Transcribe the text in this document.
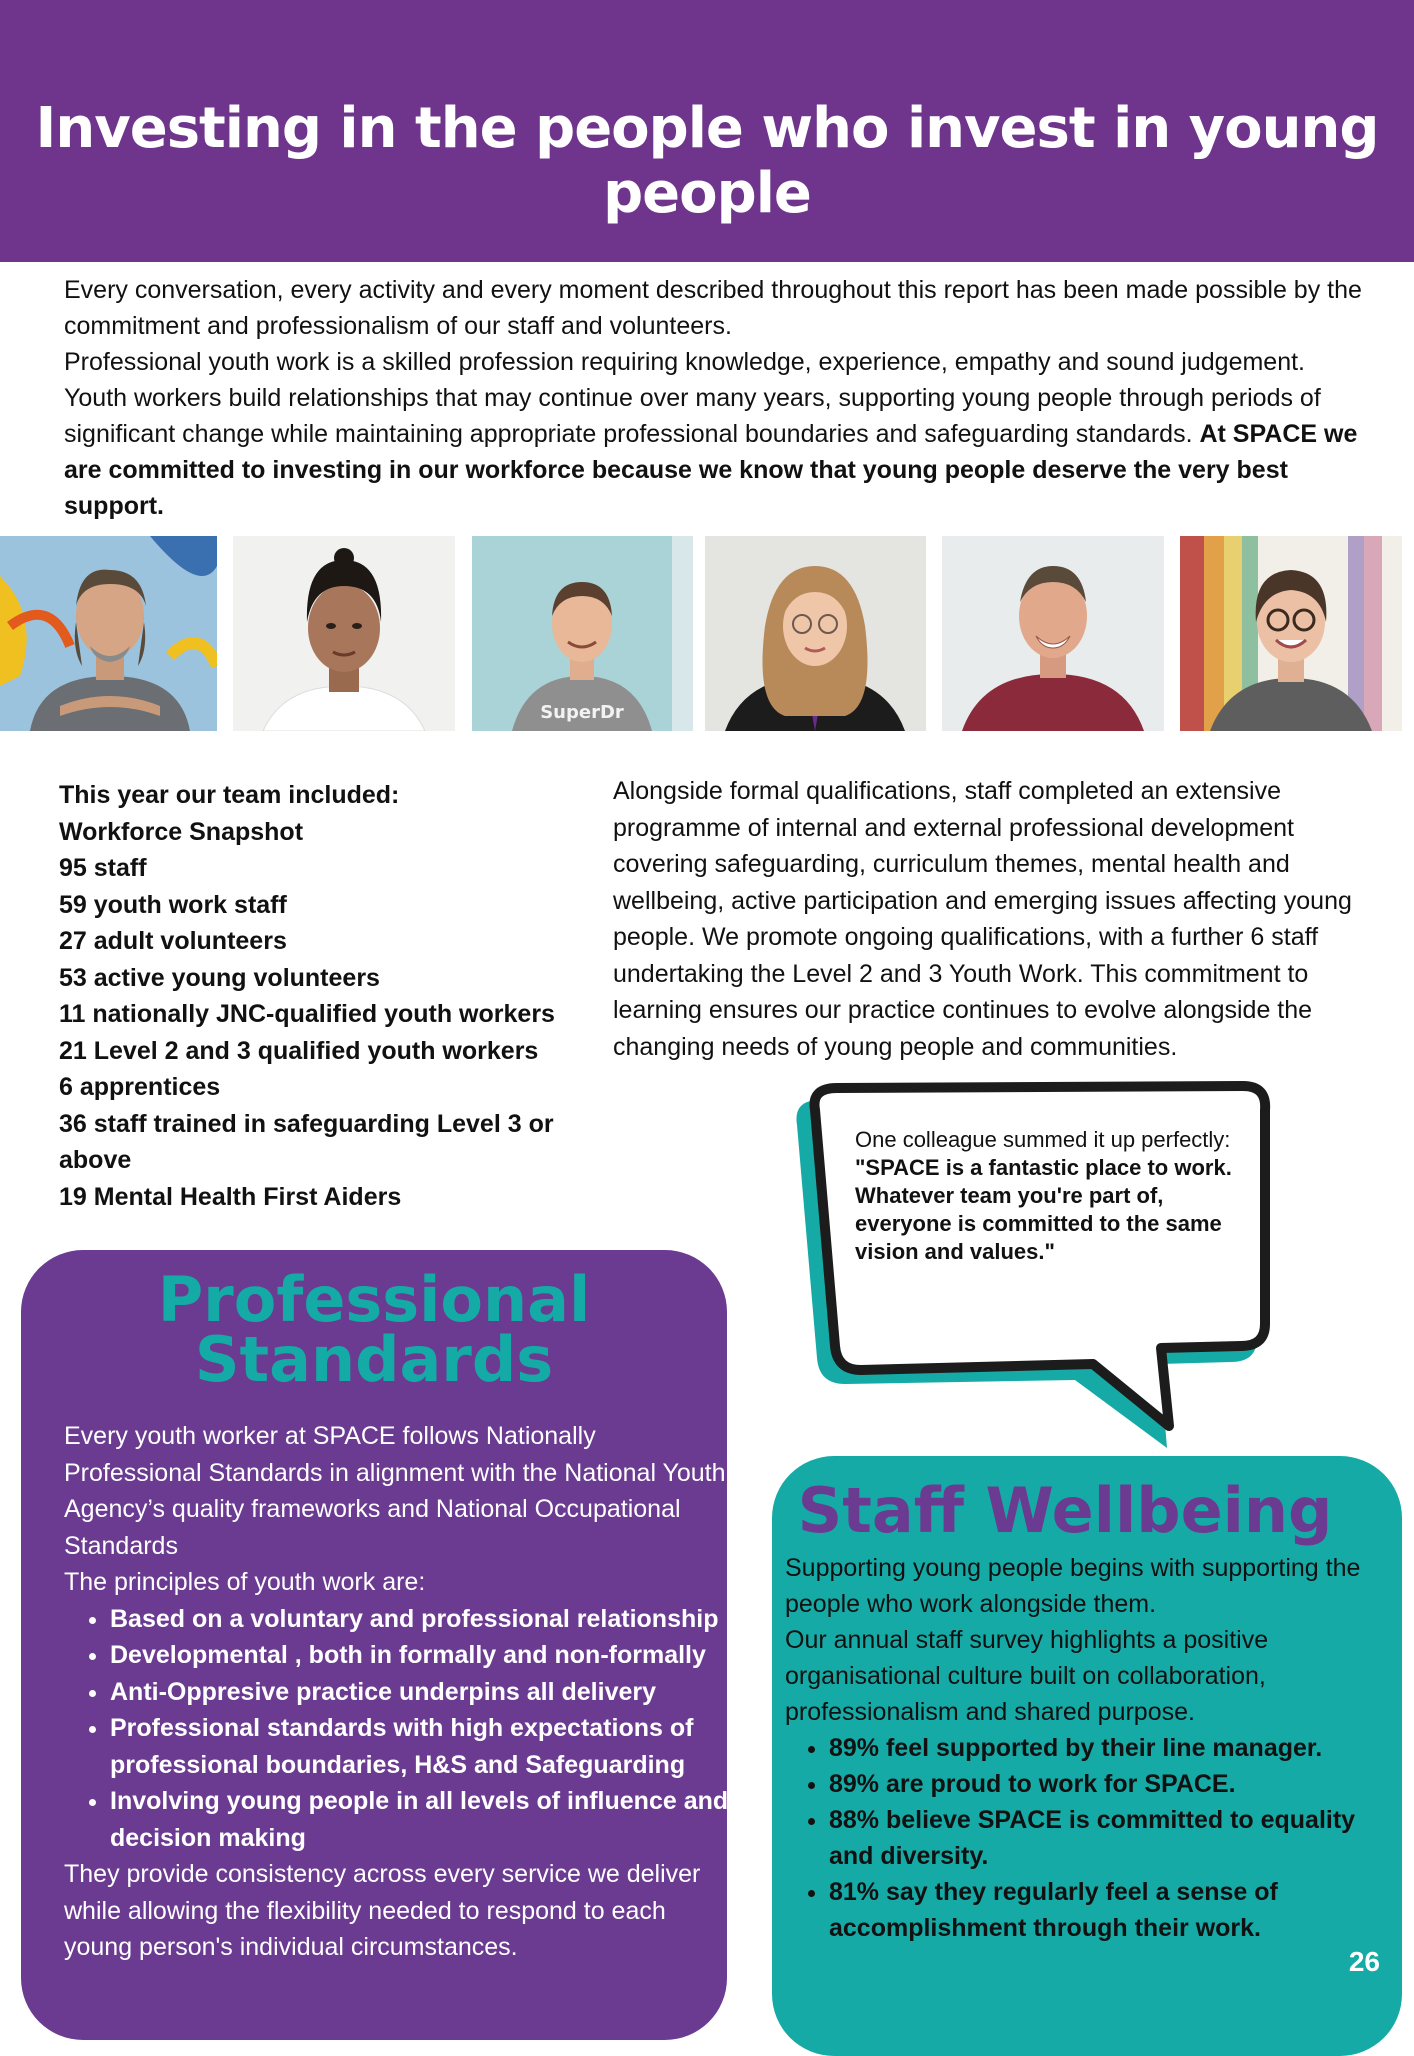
Investing in the people who invest in young people

Every conversation, every activity and every moment described throughout this report has been made possible by the commitment and professionalism of our staff and volunteers.

Professional youth work is a skilled profession requiring knowledge, experience, empathy and sound judgement. Youth workers build relationships that may continue over many years, supporting young people through periods of significant change while maintaining appropriate professional boundaries and safeguarding standards. At SPACE we are committed to investing in our workforce because we know that young people deserve the very best support.

SuperDr
This year our team included:
Workforce Snapshot
95 staff
59 youth work staff
27 adult volunteers
53 active young volunteers
11 nationally JNC-qualified youth workers
21 Level 2 and 3 qualified youth workers
6 apprentices
36 staff trained in safeguarding Level 3 or above
19 Mental Health First Aiders
Alongside formal qualifications, staff completed an extensive programme of internal and external professional development covering safeguarding, curriculum themes, mental health and wellbeing, active participation and emerging issues affecting young people. We promote ongoing qualifications, with a further 6 staff undertaking the Level 2 and 3 Youth Work. This commitment to learning ensures our practice continues to evolve alongside the changing needs of young people and communities.
One colleague summed it up perfectly:
"SPACE is a fantastic place to work. Whatever team you're part of, everyone is committed to the same vision and values."
Professional Standards

Every youth worker at SPACE follows Nationally Professional Standards in alignment with the National Youth Agency’s quality frameworks and National Occupational Standards

The principles of youth work are:

• Based on a voluntary and professional relationship
• Developmental , both in formally and non-formally
• Anti-Oppresive practice underpins all delivery
• Professional standards with high expectations of professional boundaries, H&S and Safeguarding
• Involving young people in all levels of influence and decision making

They provide consistency across every service we deliver while allowing the flexibility needed to respond to each young person's individual circumstances.

Staff Wellbeing

Supporting young people begins with supporting the people who work alongside them.

Our annual staff survey highlights a positive organisational culture built on collaboration, professionalism and shared purpose.

• 89% feel supported by their line manager.
• 89% are proud to work for SPACE.
• 88% believe SPACE is committed to equality and diversity.
• 81% say they regularly feel a sense of accomplishment through their work.
26
